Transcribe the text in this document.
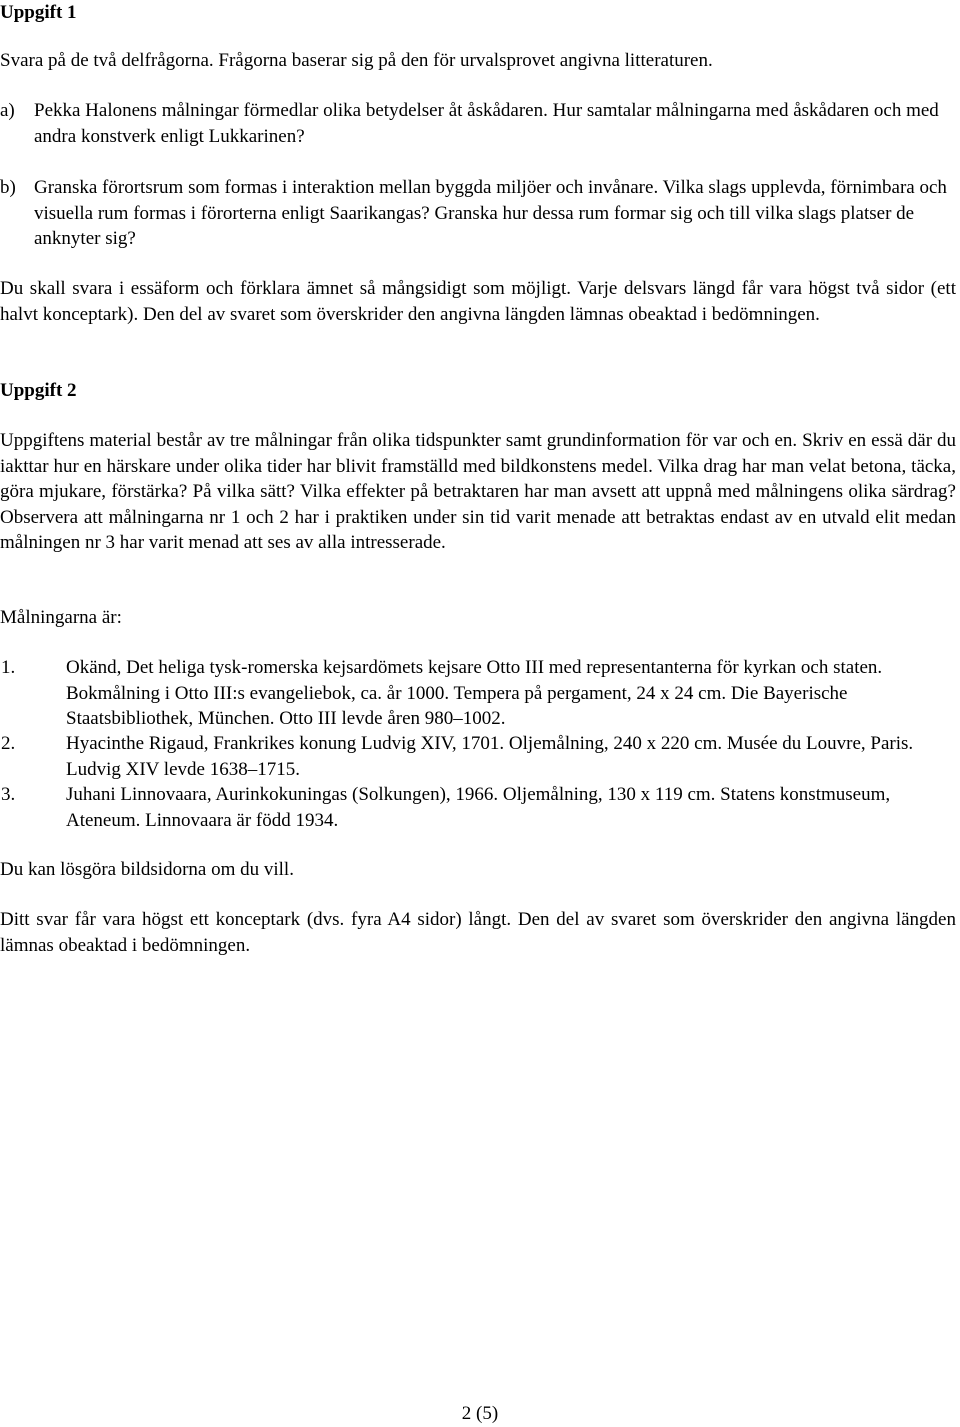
Uppgift 1

Svara på de två delfrågorna. Frågorna baserar sig på den för urvalsprovet angivna litteraturen.

a) Pekka Halonens målningar förmedlar olika betydelser åt åskådaren. Hur samtalar målningarna med åskådaren och med andra konstverk enligt Lukkarinen?
b) Granska förortsrum som formas i interaktion mellan byggda miljöer och invånare. Vilka slags upplevda, förnimbara och visuella rum formas i förorterna enligt Saarikangas? Granska hur dessa rum formar sig och till vilka slags platser de anknyter sig?

Du skall svara i essäform och förklara ämnet så mångsidigt som möjligt. Varje delsvars längd får vara högst två sidor (ett halvt konceptark). Den del av svaret som överskrider den angivna längden lämnas obeaktad i bedömningen.

Uppgift 2

Uppgiftens material består av tre målningar från olika tidspunkter samt grundinformation för var och en. Skriv en essä där du iakttar hur en härskare under olika tider har blivit framställd med bildkonstens medel. Vilka drag har man velat betona, täcka, göra mjukare, förstärka? På vilka sätt? Vilka effekter på betraktaren har man avsett att uppnå med målningens olika särdrag? Observera att målningarna nr 1 och 2 har i praktiken under sin tid varit menade att betraktas endast av en utvald elit medan målningen nr 3 har varit menad att ses av alla intresserade.

Målningarna är:

1.	Okänd, Det heliga tysk-romerska kejsardömets kejsare Otto III med representanterna för kyrkan och staten. Bokmålning i Otto III:s evangeliebok, ca. år 1000. Tempera på pergament, 24 x 24 cm. Die Bayerische Staatsbibliothek, München. Otto III levde åren 980–1002.
2.	Hyacinthe Rigaud, Frankrikes konung Ludvig XIV, 1701. Oljemålning, 240 x 220 cm. Musée du Louvre, Paris. Ludvig XIV levde 1638–1715.
3.	Juhani Linnovaara, Aurinkokuningas (Solkungen), 1966. Oljemålning, 130 x 119 cm. Statens konstmuseum, Ateneum. Linnovaara är född 1934.

Du kan lösgöra bildsidorna om du vill.

Ditt svar får vara högst ett konceptark (dvs. fyra A4 sidor) långt. Den del av svaret som överskrider den angivna längden lämnas obeaktad i bedömningen.

2 (5)
